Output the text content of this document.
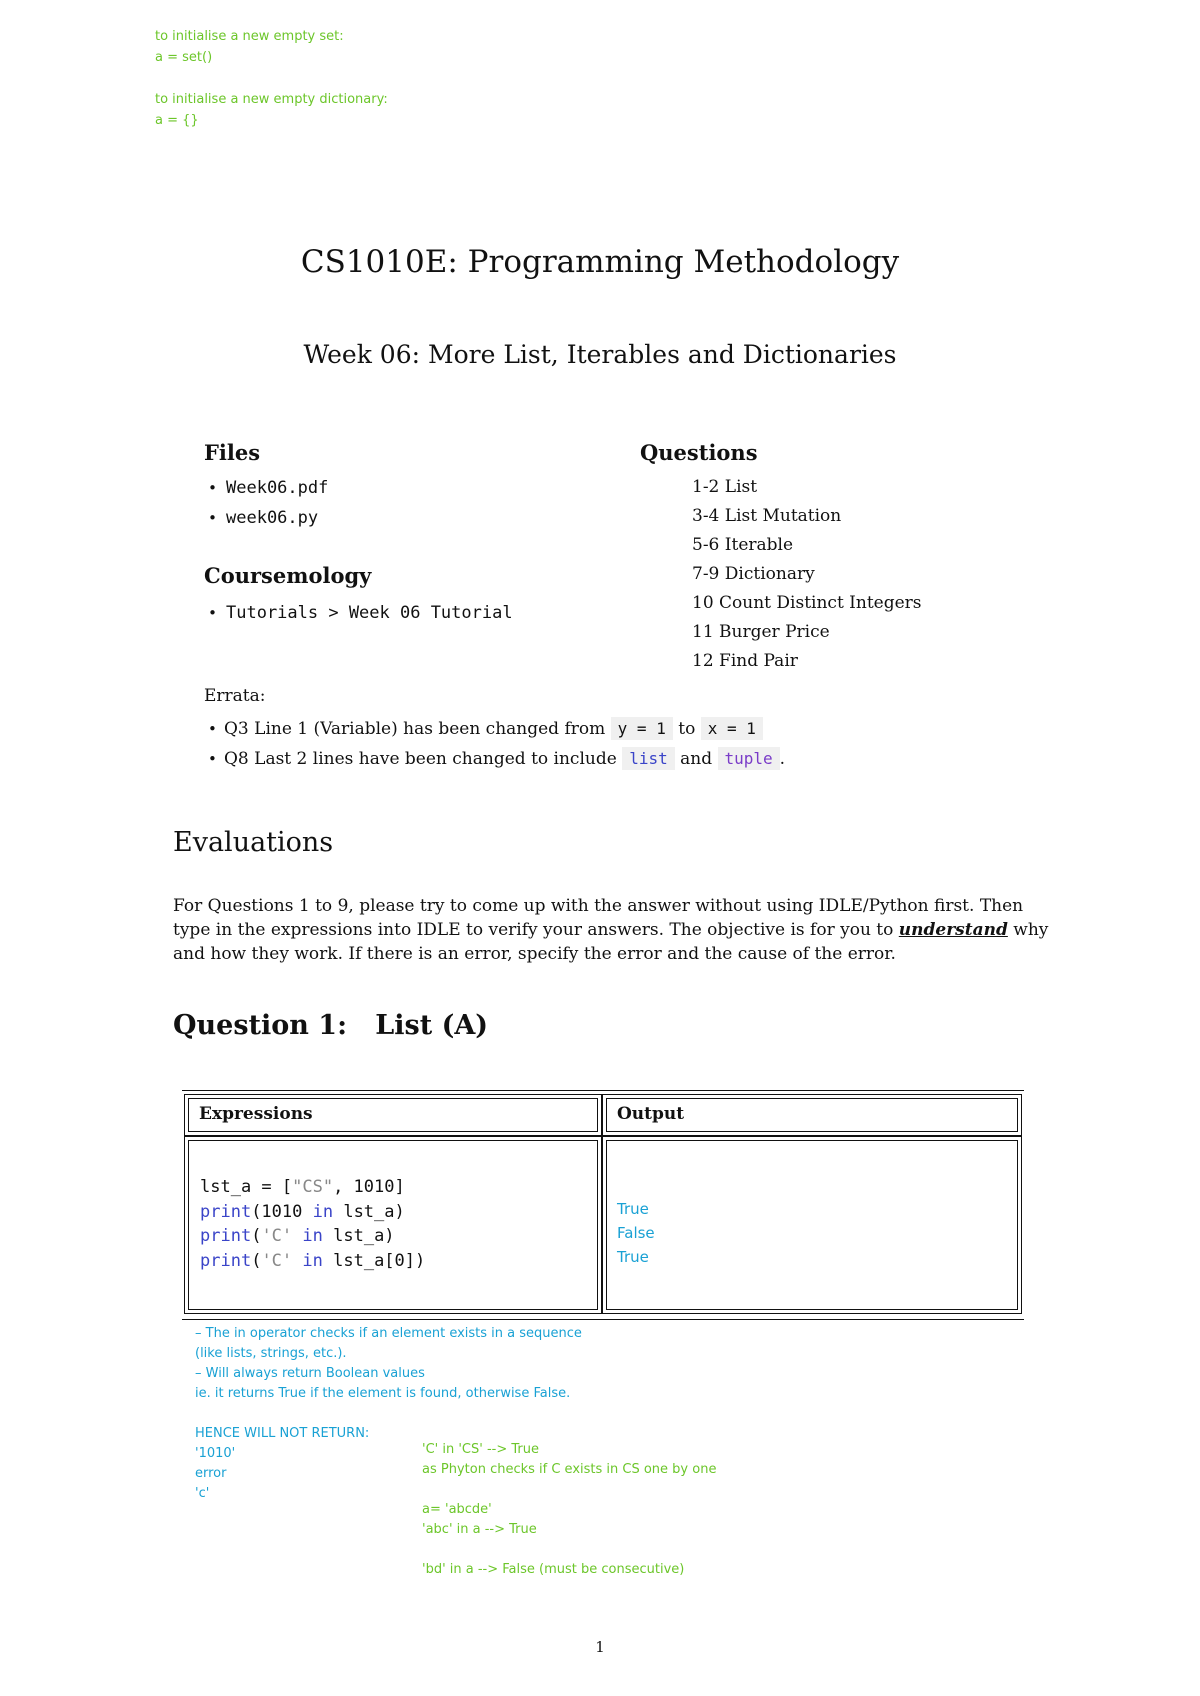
to initialise a new empty set:
a = set()
to initialise a new empty dictionary:
a = {}
CS1010E: Programming Methodology
Week 06: More List, Iterables and Dictionaries
Files
• Week06.pdf
• week06.py
Coursemology
• Tutorials > Week 06 Tutorial
Questions
1-2 List
3-4 List Mutation
5-6 Iterable
7-9 Dictionary
10 Count Distinct Integers
11 Burger Price
12 Find Pair
Errata:
• Q3 Line 1 (Variable) has been changed from y = 1 to x = 1
• Q8 Last 2 lines have been changed to include list and tuple .
Evaluations
For Questions 1 to 9, please try to come up with the answer without using IDLE/Python first. Then type in the expressions into IDLE to verify your answers. The objective is for you to understand why and how they work. If there is an error, specify the error and the cause of the error.
Question 1:   List (A)
Expressions	Output
lst_a = ["CS", 1010]
print(1010 in lst_a)
print('C' in lst_a)
print('C' in lst_a[0])
True
False
True
– The in operator checks if an element exists in a sequence
(like lists, strings, etc.).
– Will always return Boolean values
ie. it returns True if the element is found, otherwise False.
HENCE WILL NOT RETURN:
'1010'
error
'c'
'C' in 'CS' --> True
as Phyton checks if C exists in CS one by one
a= 'abcde'
'abc' in a --> True
'bd' in a --> False (must be consecutive)
1
